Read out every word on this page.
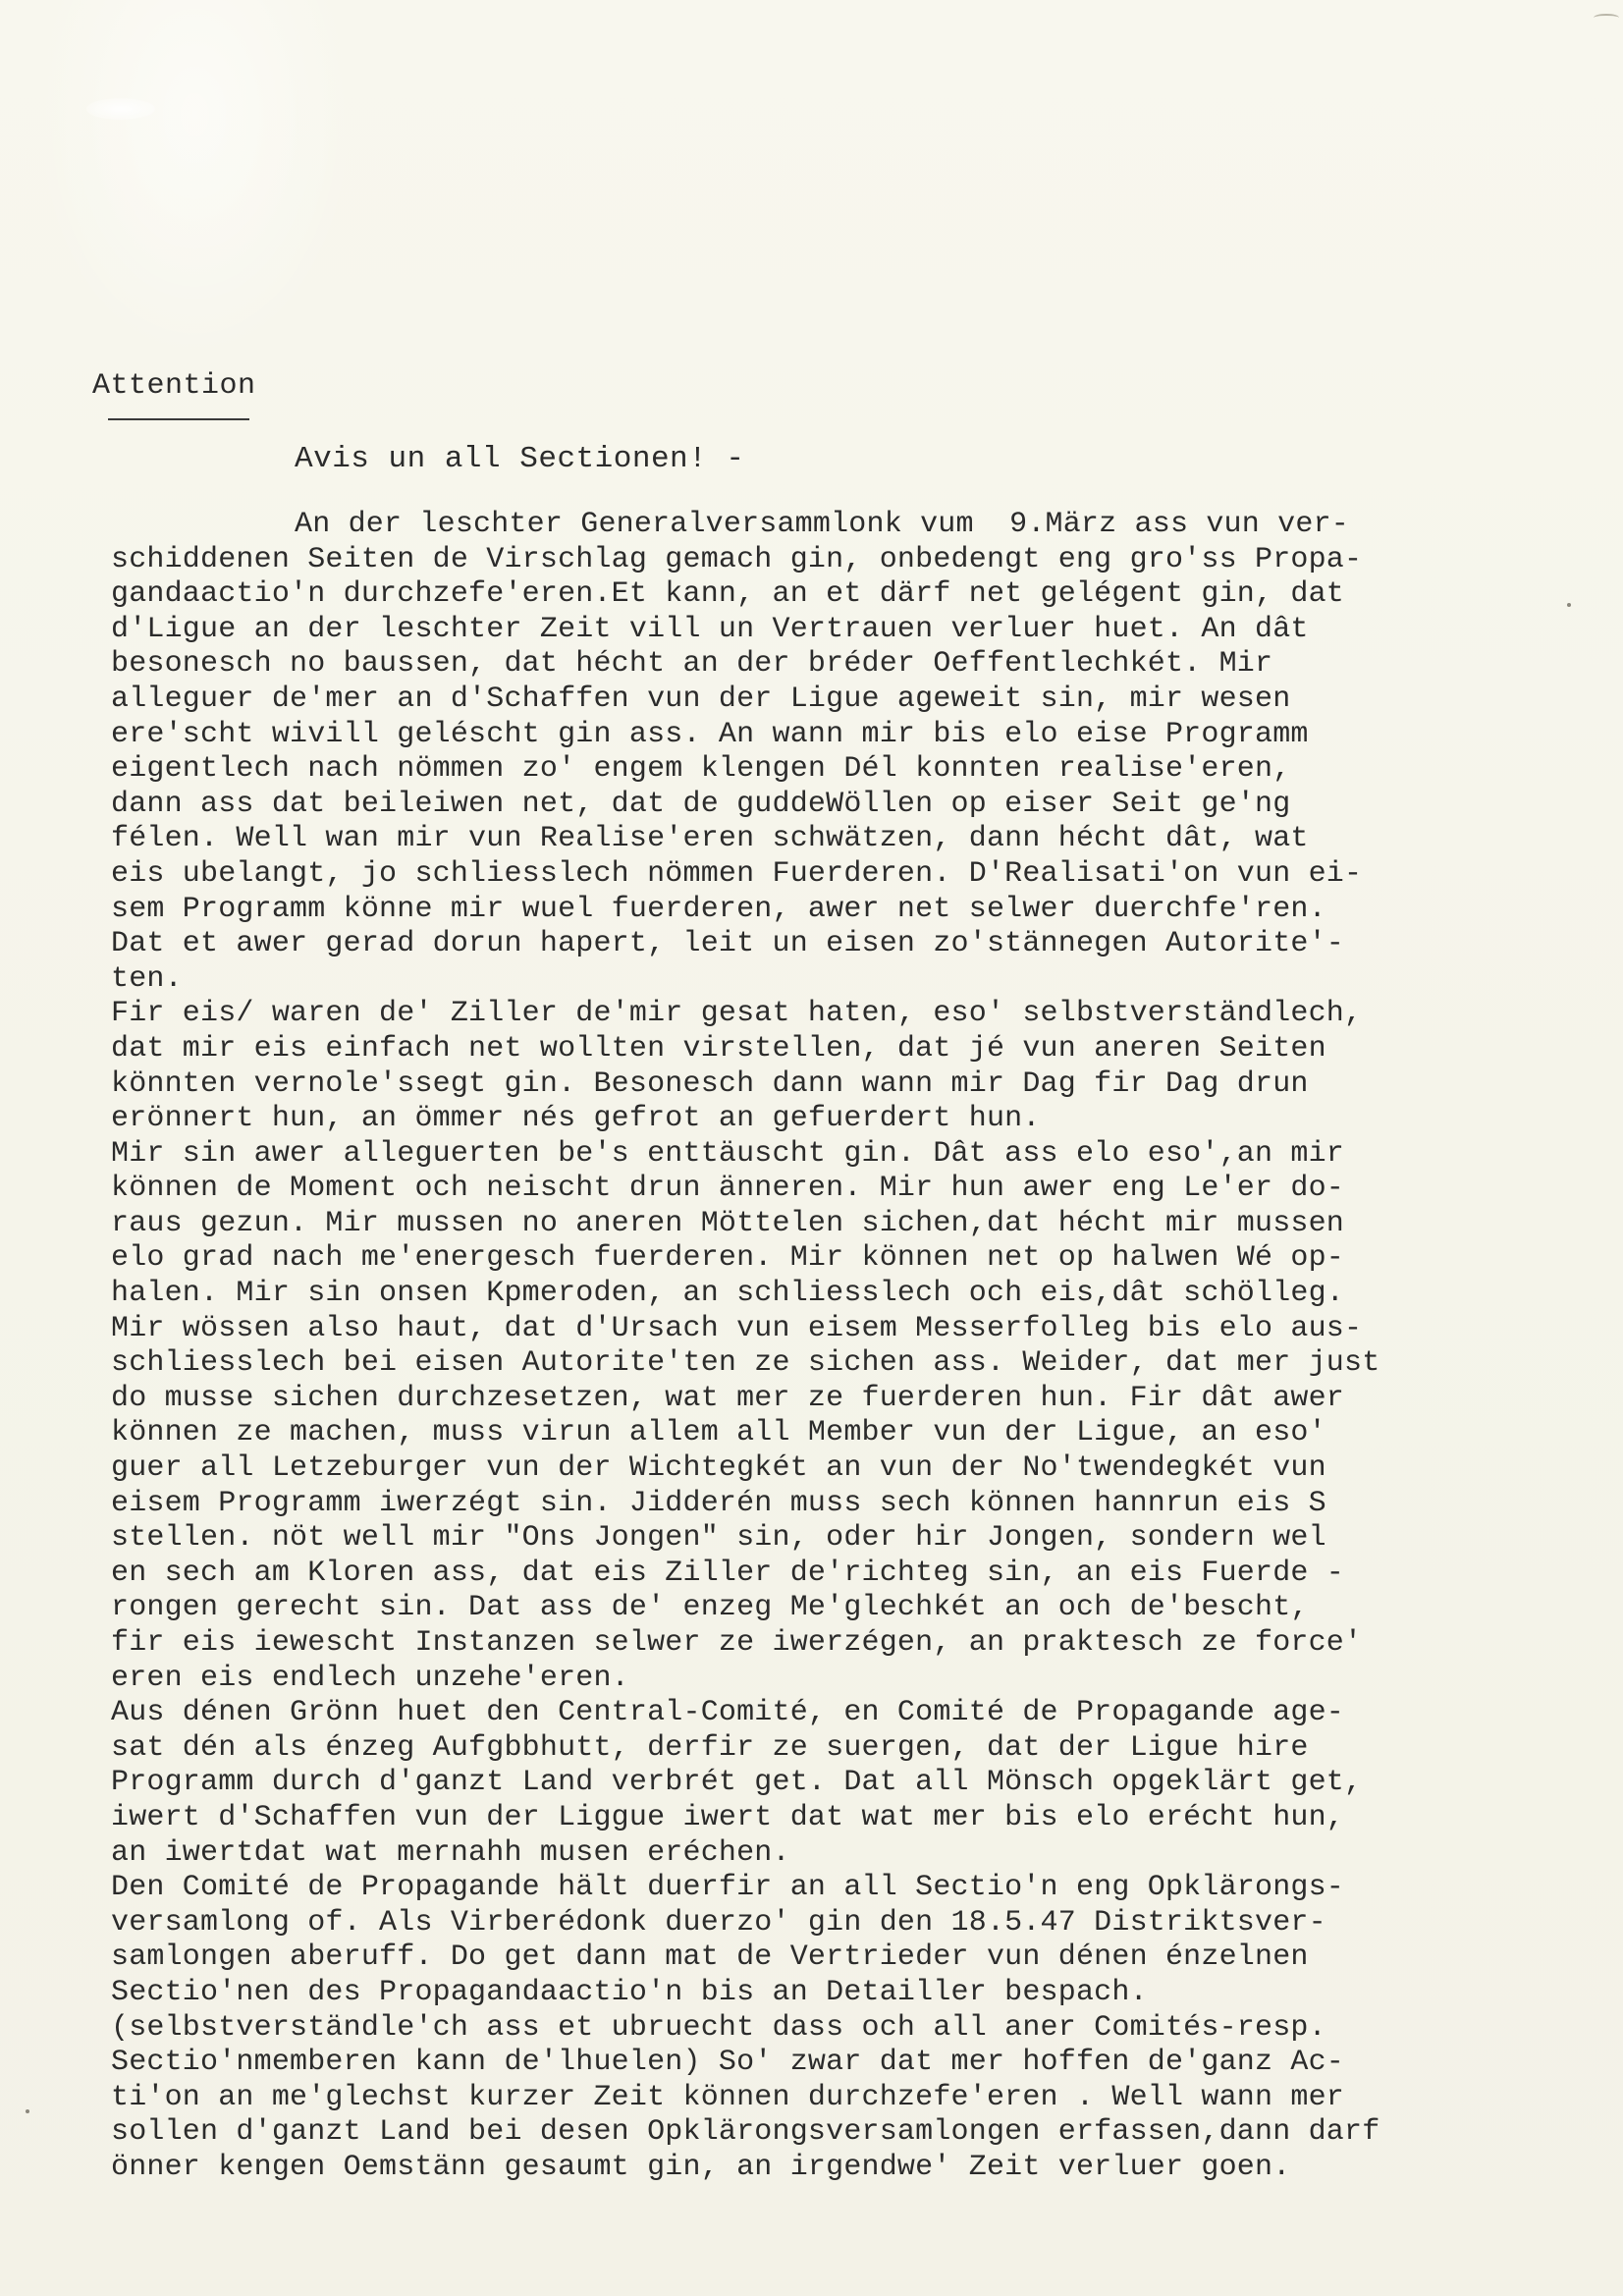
Attention
Avis un all Sectionen! -
An der leschter Generalversammlonk vum  9.März ass vun ver-
schiddenen Seiten de Virschlag gemach gin, onbedengt eng gro'ss Propa-
gandaactio'n durchzefe'eren.Et kann, an et därf net gelégent gin, dat
d'Ligue an der leschter Zeit vill un Vertrauen verluer huet. An dât
besonesch no baussen, dat hécht an der bréder Oeffentlechkét. Mir
alleguer de'mer an d'Schaffen vun der Ligue ageweit sin, mir wesen
ere'scht wivill geléscht gin ass. An wann mir bis elo eise Programm
eigentlech nach nömmen zo' engem klengen Dél konnten realise'eren,
dann ass dat beileiwen net, dat de guddeWöllen op eiser Seit ge'ng
félen. Well wan mir vun Realise'eren schwätzen, dann hécht dât, wat
eis ubelangt, jo schliesslech nömmen Fuerderen. D'Realisati'on vun ei-
sem Programm könne mir wuel fuerderen, awer net selwer duerchfe'ren.
Dat et awer gerad dorun hapert, leit un eisen zo'stännegen Autorite'-
ten.
Fir eis/ waren de' Ziller de'mir gesat haten, eso' selbstverständlech,
dat mir eis einfach net wollten virstellen, dat jé vun aneren Seiten
könnten vernole'ssegt gin. Besonesch dann wann mir Dag fir Dag drun
erönnert hun, an ömmer nés gefrot an gefuerdert hun.
Mir sin awer alleguerten be's enttäuscht gin. Dât ass elo eso',an mir
können de Moment och neischt drun ännеren. Mir hun awer eng Le'er do-
raus gezun. Mir mussen no aneren Möttelen sichen,dat hécht mir mussen
elo grad nach me'energesch fuerderen. Mir können net op halwen Wé op-
halen. Mir sin onsen Kpmeroden, an schliesslech och eis,dât schölleg.
Mir wössen also haut, dat d'Ursach vun eisem Messerfolleg bis elo aus-
schliesslech bei eisen Autorite'ten ze sichen ass. Weider, dat mer just
do musse sichen durchzesetzen, wat mer ze fuerderen hun. Fir dât awer
können ze machen, muss virun allem all Member vun der Ligue, an eso'
guer all Letzeburger vun der Wichtegkét an vun der No'twendegkét vun
eisem Programm iwerzégt sin. Jidderén muss sech können hannrun eis S
stellen. nöt well mir "Ons Jongen" sin, oder hir Jongen, sondern wel
en sech am Kloren ass, dat eis Ziller de'richteg sin, an eis Fuerde -
rongen gerecht sin. Dat ass de' enzeg Me'glechkét an och de'bescht,
fir eis iewescht Instanzen selwer ze iwerzégen, an praktesch ze force'
eren eis endlech unzehe'eren.
Aus dénen Grönn huet den Central-Comité, en Comité de Propagande age-
sat dén als énzeg Aufgbbhutt, derfir ze suergen, dat der Ligue hire
Programm durch d'ganzt Land verbrét get. Dat all Mönsch opgeklärt get,
iwert d'Schaffen vun der Liggue iwert dat wat mer bis elo erécht hun,
an iwertdat wat mernahh musen eréchen.
Den Comité de Propagande hält duerfir an all Sectio'n eng Opklärongs-
versamlong of. Als Virberédonk duerzo' gin den 18.5.47 Distriktsver-
samlongen aberuff. Do get dann mat de Vertrieder vun dénen énzelnen
Sectio'nen des Propagandaactio'n bis an Detailler bespach.
(selbstverständle'ch ass et ubruecht dass och all aner Comités-resp.
Sectio'nmemberen kann de'lhuelen) So' zwar dat mer hoffen de'ganz Ac-
ti'on an me'glechst kurzer Zeit können durchzefe'eren . Well wann mer
sollen d'ganzt Land bei desen Opklärongsversamlongen erfassen,dann darf
önner kengen Oemstänn gesaumt gin, an irgendwe' Zeit verluer goen.
